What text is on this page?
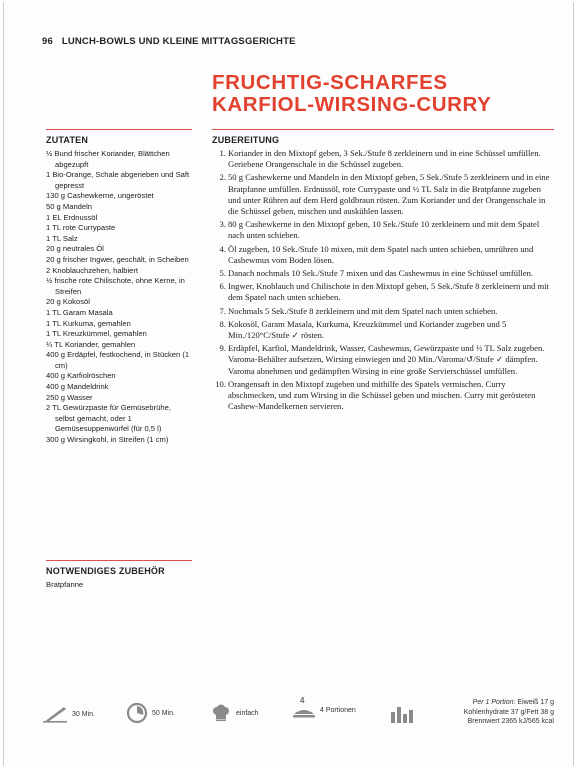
96 LUNCH-BOWLS UND KLEINE MITTAGSGERICHTE
FRUCHTIG-SCHARFES
KARFIOL-WIRSING-CURRY
ZUTATEN
½ Bund frischer Koriander, Blättchen abgezupft
1 Bio-Orange, Schale abgerieben und Saft gepresst
130 g Cashewkerne, ungeröstet
50 g Mandeln
1 EL Erdnussöl
1 TL rote Currypaste
1 TL Salz
20 g neutrales Öl
20 g frischer Ingwer, geschält, in Scheiben
2 Knoblauchzehen, halbiert
½ frische rote Chilischote, ohne Kerne, in Streifen
20 g Kokosöl
1 TL Garam Masala
1 TL Kurkuma, gemahlen
1 TL Kreuzkümmel, gemahlen
¼ TL Koriander, gemahlen
400 g Erdäpfel, festkochend, in Stücken (1 cm)
400 g Karfiolröschen
400 g Mandeldrink
250 g Wasser
2 TL Gewürzpaste für Gemüsebrühe, selbst gemacht, oder 1 Gemüsesuppenwürfel (für 0,5 l)
300 g Wirsingkohl, in Streifen (1 cm)
NOTWENDIGES ZUBEHÖR
Bratpfanne
ZUBEREITUNG
1. Koriander in den Mixtopf geben, 3 Sek./Stufe 8 zerkleinern und in eine Schüssel umfüllen. Geriebene Orangenschale in die Schüssel zugeben.
2. 50 g Cashewkerne und Mandeln in den Mixtopf geben, 5 Sek./Stufe 5 zerkleinern und in eine Bratpfanne umfüllen. Erdnussöl, rote Currypaste und ½ TL Salz in die Bratpfanne zugeben und unter Rühren auf dem Herd goldbraun rösten. Zum Koriander und der Orangenschale in die Schüssel geben, mischen und auskühlen lassen.
3. 80 g Cashewkerne in den Mixtopf geben, 10 Sek./Stufe 10 zerkleinern und mit dem Spatel nach unten schieben.
4. Öl zugeben, 10 Sek./Stufe 10 mixen, mit dem Spatel nach unten schieben, umrühren und Cashewmus vom Boden lösen.
5. Danach nochmals 10 Sek./Stufe 7 mixen und das Cashewmus in eine Schüssel umfüllen.
6. Ingwer, Knoblauch und Chilischote in den Mixtopf geben, 5 Sek./Stufe 8 zerkleinern und mit dem Spatel nach unten schieben.
7. Nochmals 5 Sek./Stufe 8 zerkleinern und mit dem Spatel nach unten schieben.
8. Kokosöl, Garam Masala, Kurkuma, Kreuzkümmel und Koriander zugeben und 5 Min./120°C/Stufe ✓ rösten.
9. Erdäpfel, Karfiol, Mandeldrink, Wasser, Cashewmus, Gewürzpaste und ½ TL Salz zugeben. Varoma-Behälter aufsetzen, Wirsing einwiegen und 20 Min./Varoma/↺/Stufe ✓ dämpfen. Varoma abnehmen und gedämpften Wirsing in eine große Servierschüssel umfüllen.
10. Orangensaft in den Mixtopf zugeben und mithilfe des Spatels vermischen. Curry abschmecken, und zum Wirsing in die Schüssel geben und mischen. Curry mit gerösteten Cashew-Mandelkernen servieren.
30 Min.	50 Min.	einfach
4
4 Portionen
Per 1 Portion: Eiweiß 17 g
Kohlenhydrate 37 g/Fett 38 g
Brennwert 2365 kJ/565 kcal
